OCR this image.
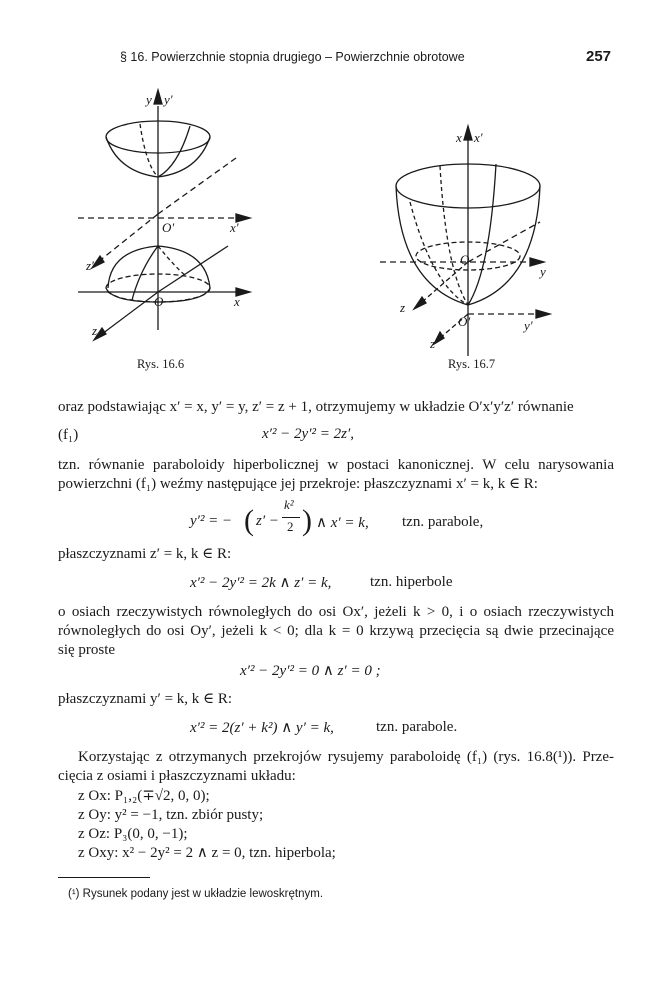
§ 16. Powierzchnie stopnia drugiego – Powierzchnie obrotowe	257
y y′
O′	x′
z′
O	x
z
Rys. 16.6
x x′
O
y
z
O′	y′
z′
Rys. 16.7
oraz podstawiając x′ = x, y′ = y, z′ = z + 1, otrzymujemy w układzie O′x′y′z′ równanie
(f₁)	x′² − 2y′² = 2z′,
tzn. równanie paraboloidy hiperbolicznej w postaci kanonicznej. W celu narysowania
powierzchni (f₁) weźmy następujące jej przekroje: płaszczyznami x′ = k, k ∈ R:
y′² = − ( z′ −
k²
2 ) ∧ x′ = k, tzn. parabole,
płaszczyznami z′ = k, k ∈ R:
x′² − 2y′² = 2k ∧ z′ = k,	tzn. hiperbole
o osiach rzeczywistych równoległych do osi Ox′, jeżeli k > 0, i o osiach rzeczywistych
równoległych do osi Oy′, jeżeli k < 0; dla k = 0 krzywą przecięcia są dwie przecinające
się proste
x′² − 2y′² = 0 ∧ z′ = 0 ;
płaszczyznami y′ = k, k ∈ R:
x′² = 2(z′ + k²) ∧ y′ = k,	tzn. parabole.
Korzystając z otrzymanych przekrojów rysujemy paraboloidę (f₁) (rys. 16.8(¹)). Prze-
cięcia z osiami i płaszczyznami układu:
z Ox: P₁,₂(∓√2, 0, 0);
z Oy: y² = −1, tzn. zbiór pusty;
z Oz: P₃(0, 0, −1);
z Oxy: x² − 2y² = 2 ∧ z = 0, tzn. hiperbola;
(¹) Rysunek podany jest w układzie lewoskrętnym.
